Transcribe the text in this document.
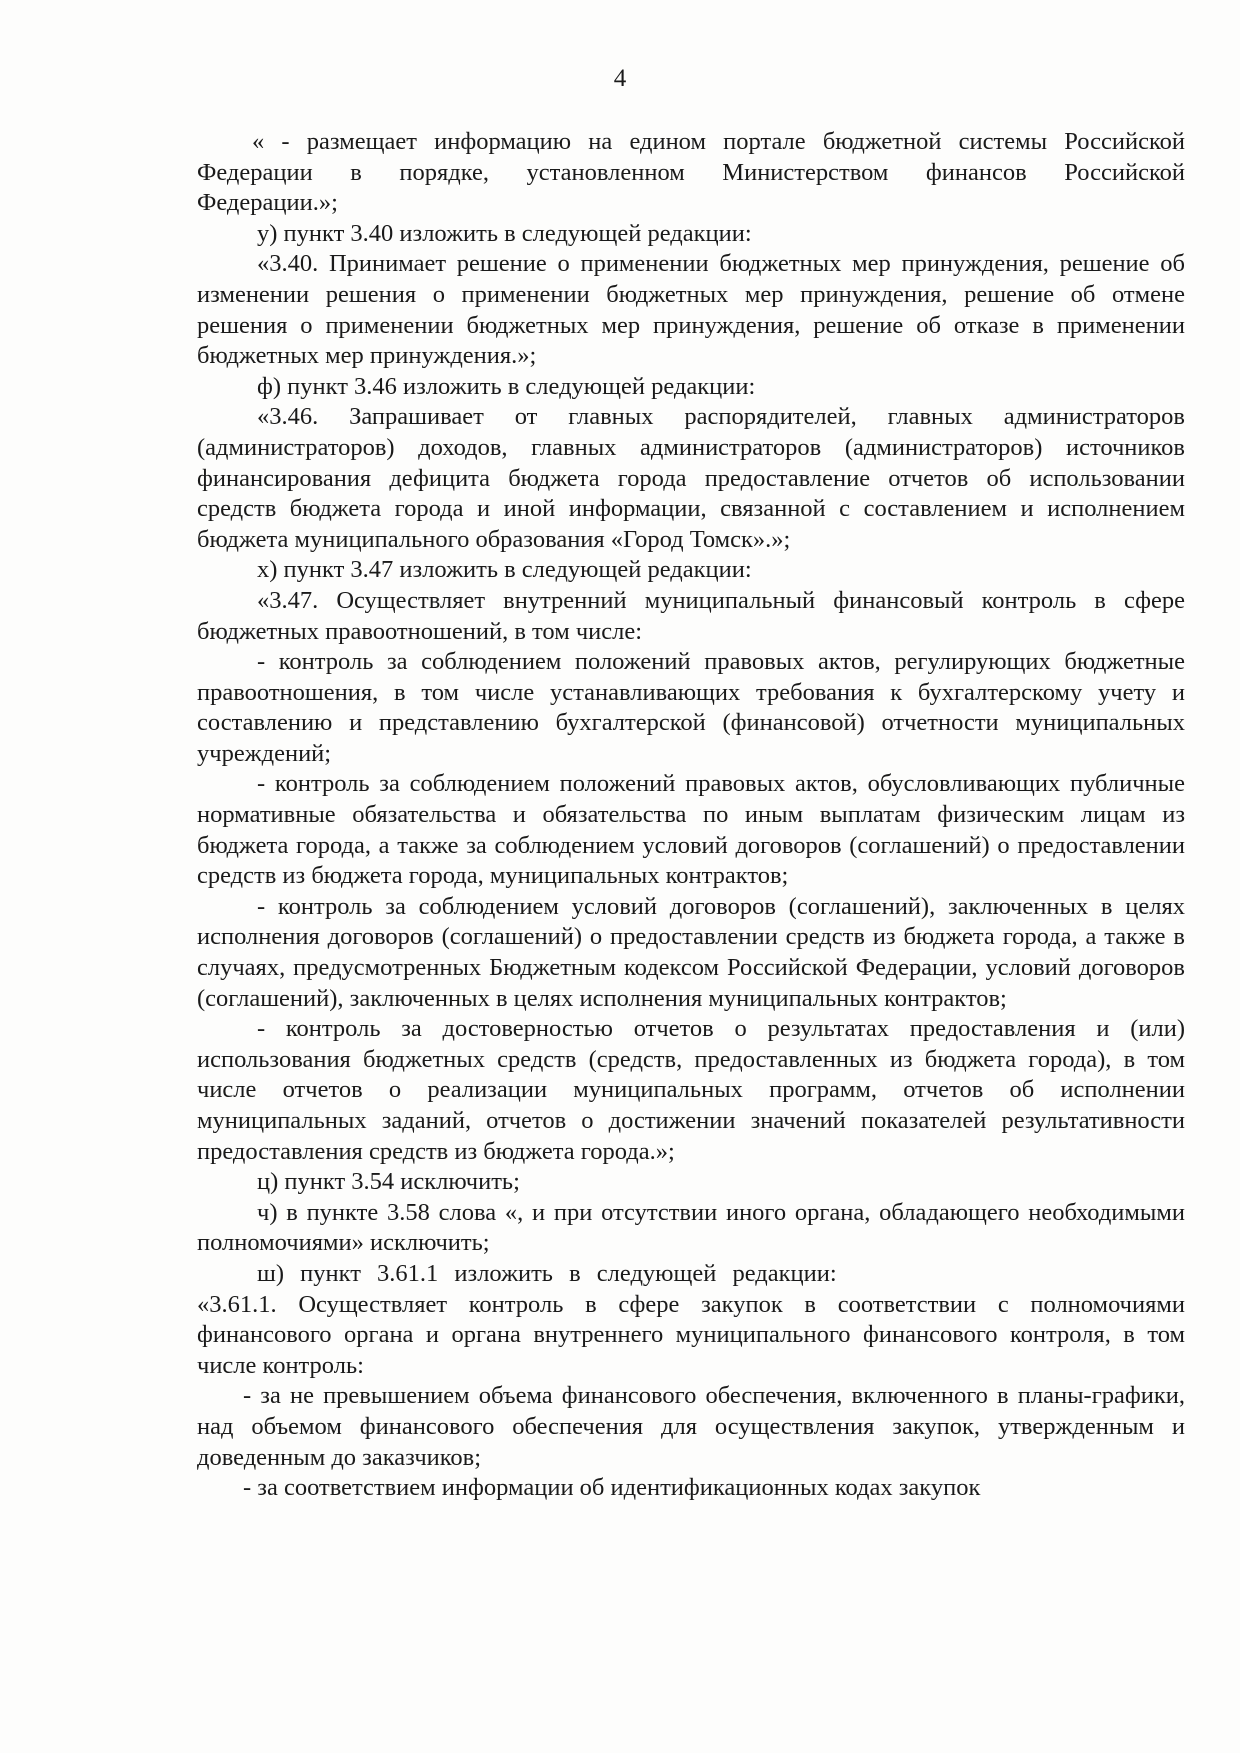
4

« - размещает информацию на едином портале бюджетной системы Российской Федерации в порядке, установленном Министерством финансов Российской Федерации.»;

у) пункт 3.40 изложить в следующей редакции:

«3.40. Принимает решение о применении бюджетных мер принуждения, решение об изменении решения о применении бюджетных мер принуждения, решение об отмене решения о применении бюджетных мер принуждения, решение об отказе в применении бюджетных мер принуждения.»;

ф) пункт 3.46 изложить в следующей редакции:

«3.46. Запрашивает от главных распорядителей, главных администраторов (администраторов) доходов, главных администраторов (администраторов) источников финансирования дефицита бюджета города предоставление отчетов об использовании средств бюджета города и иной информации, связанной с составлением и исполнением бюджета муниципального образования «Город Томск».»;

х) пункт 3.47 изложить в следующей редакции:

«3.47. Осуществляет внутренний муниципальный финансовый контроль в сфере бюджетных правоотношений, в том числе:

- контроль за соблюдением положений правовых актов, регулирующих бюджетные правоотношения, в том числе устанавливающих требования к бухгалтерскому учету и составлению и представлению бухгалтерской (финансовой) отчетности муниципальных учреждений;

- контроль за соблюдением положений правовых актов, обусловливающих публичные нормативные обязательства и обязательства по иным выплатам физическим лицам из бюджета города, а также за соблюдением условий договоров (соглашений) о предоставлении средств из бюджета города, муниципальных контрактов;

- контроль за соблюдением условий договоров (соглашений), заключенных в целях исполнения договоров (соглашений) о предоставлении средств из бюджета города, а также в случаях, предусмотренных Бюджетным кодексом Российской Федерации, условий договоров (соглашений), заключенных в целях исполнения муниципальных контрактов;

- контроль за достоверностью отчетов о результатах предоставления и (или) использования бюджетных средств (средств, предоставленных из бюджета города), в том числе отчетов о реализации муниципальных программ, отчетов об исполнении муниципальных заданий, отчетов о достижении значений показателей результативности предоставления средств из бюджета города.»;

ц) пункт 3.54 исключить;

ч) в пункте 3.58 слова «, и при отсутствии иного органа, обладающего необходимыми полномочиями» исключить;

ш) пункт 3.61.1 изложить в следующей редакции:

«3.61.1. Осуществляет контроль в сфере закупок в соответствии с полномочиями финансового органа и органа внутреннего муниципального финансового контроля, в том числе контроль:

- за не превышением объема финансового обеспечения, включенного в планы-графики, над объемом финансового обеспечения для осуществления закупок, утвержденным и доведенным до заказчиков;

- за соответствием информации об идентификационных кодах закупок
